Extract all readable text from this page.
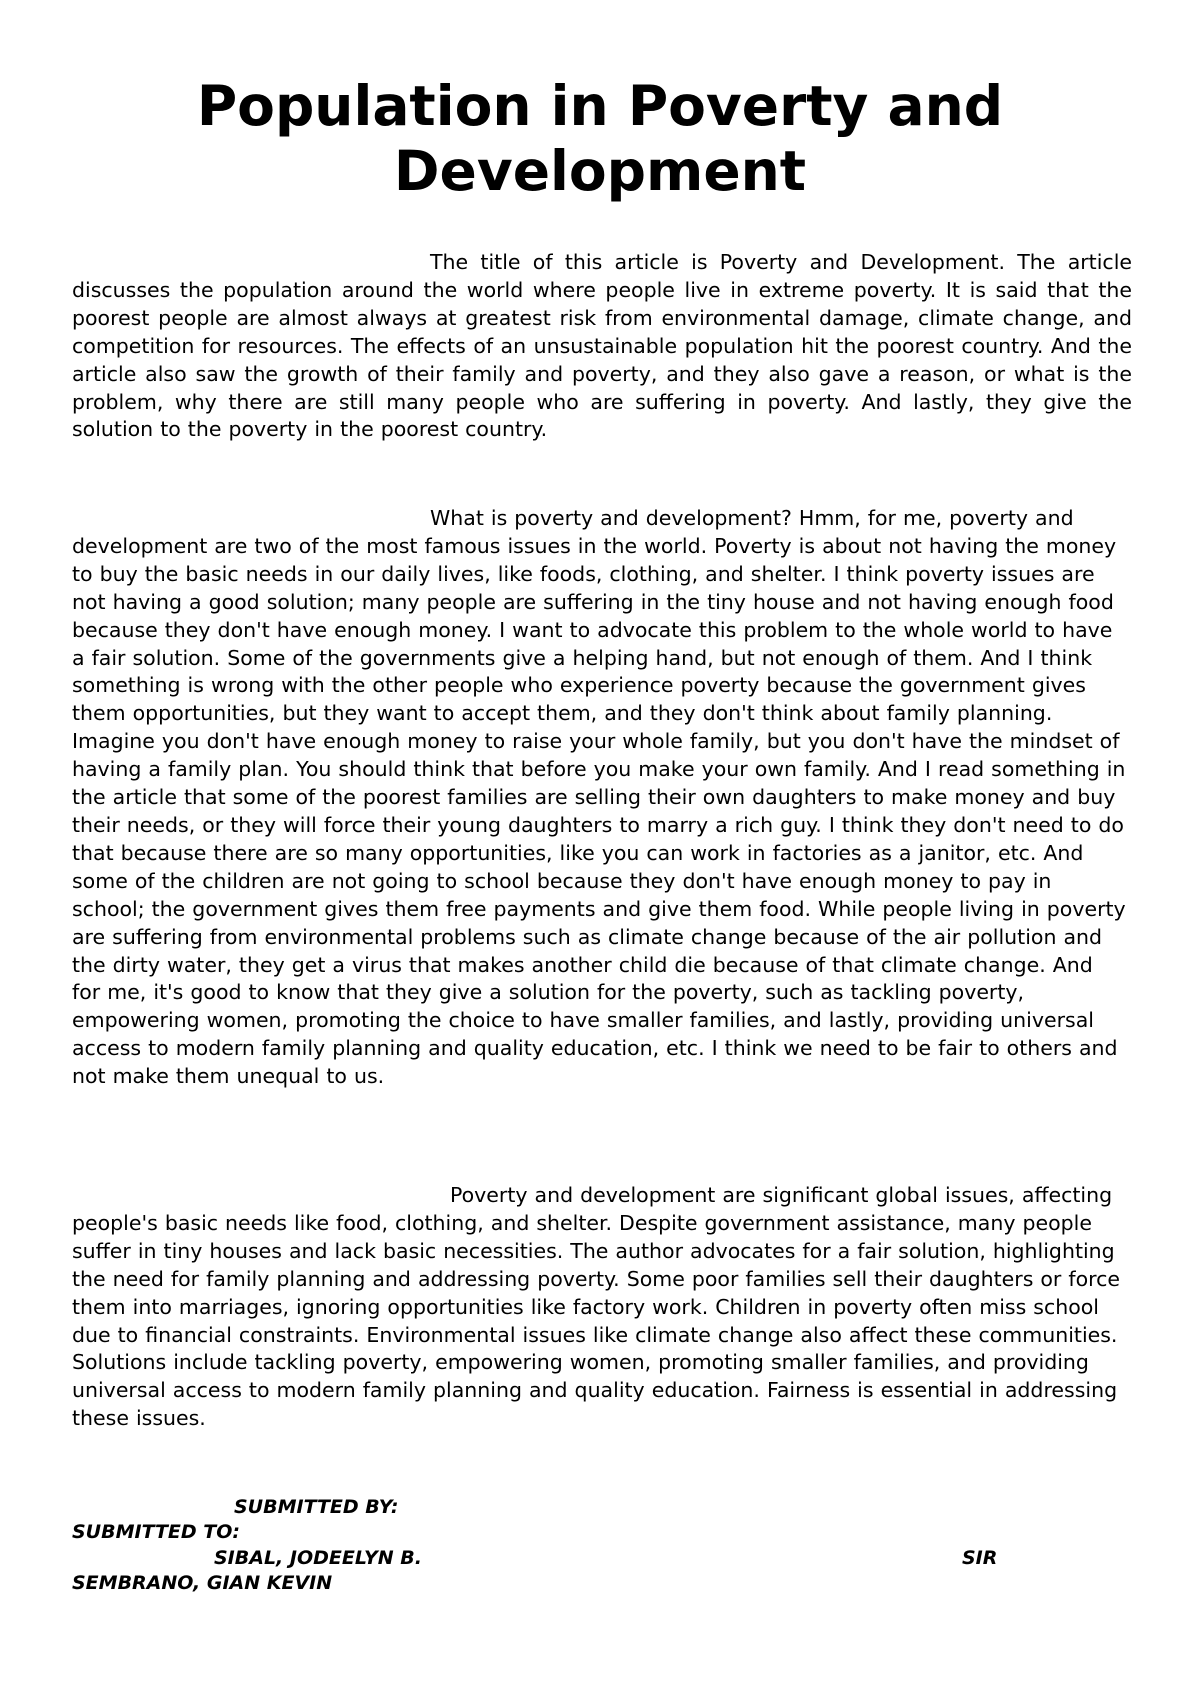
Population in Poverty and Development

The title of this article is Poverty and Development. The article discusses the population around the world where people live in extreme poverty. It is said that the poorest people are almost always at greatest risk from environmental damage, climate change, and competition for resources. The effects of an unsustainable population hit the poorest country. And the article also saw the growth of their family and poverty, and they also gave a reason, or what is the problem, why there are still many people who are suffering in poverty. And lastly, they give the solution to the poverty in the poorest country.

What is poverty and development? Hmm, for me, poverty and development are two of the most famous issues in the world. Poverty is about not having the money to buy the basic needs in our daily lives, like foods, clothing, and shelter. I think poverty issues are not having a good solution; many people are suffering in the tiny house and not having enough food because they don't have enough money. I want to advocate this problem to the whole world to have a fair solution. Some of the governments give a helping hand, but not enough of them. And I think something is wrong with the other people who experience poverty because the government gives them opportunities, but they want to accept them, and they don't think about family planning. Imagine you don't have enough money to raise your whole family, but you don't have the mindset of having a family plan. You should think that before you make your own family. And I read something in the article that some of the poorest families are selling their own daughters to make money and buy their needs, or they will force their young daughters to marry a rich guy. I think they don't need to do that because there are so many opportunities, like you can work in factories as a janitor, etc. And some of the children are not going to school because they don't have enough money to pay in school; the government gives them free payments and give them food. While people living in poverty are suffering from environmental problems such as climate change because of the air pollution and the dirty water, they get a virus that makes another child die because of that climate change. And for me, it's good to know that they give a solution for the poverty, such as tackling poverty, empowering women, promoting the choice to have smaller families, and lastly, providing universal access to modern family planning and quality education, etc. I think we need to be fair to others and not make them unequal to us.

Poverty and development are significant global issues, affecting people's basic needs like food, clothing, and shelter. Despite government assistance, many people suffer in tiny houses and lack basic necessities. The author advocates for a fair solution, highlighting the need for family planning and addressing poverty. Some poor families sell their daughters or force them into marriages, ignoring opportunities like factory work. Children in poverty often miss school due to financial constraints. Environmental issues like climate change also affect these communities. Solutions include tackling poverty, empowering women, promoting smaller families, and providing universal access to modern family planning and quality education. Fairness is essential in addressing these issues.

SUBMITTED BY:
SUBMITTED TO:
SIBAL, JODEELYN B.	SIR
SEMBRANO, GIAN KEVIN
